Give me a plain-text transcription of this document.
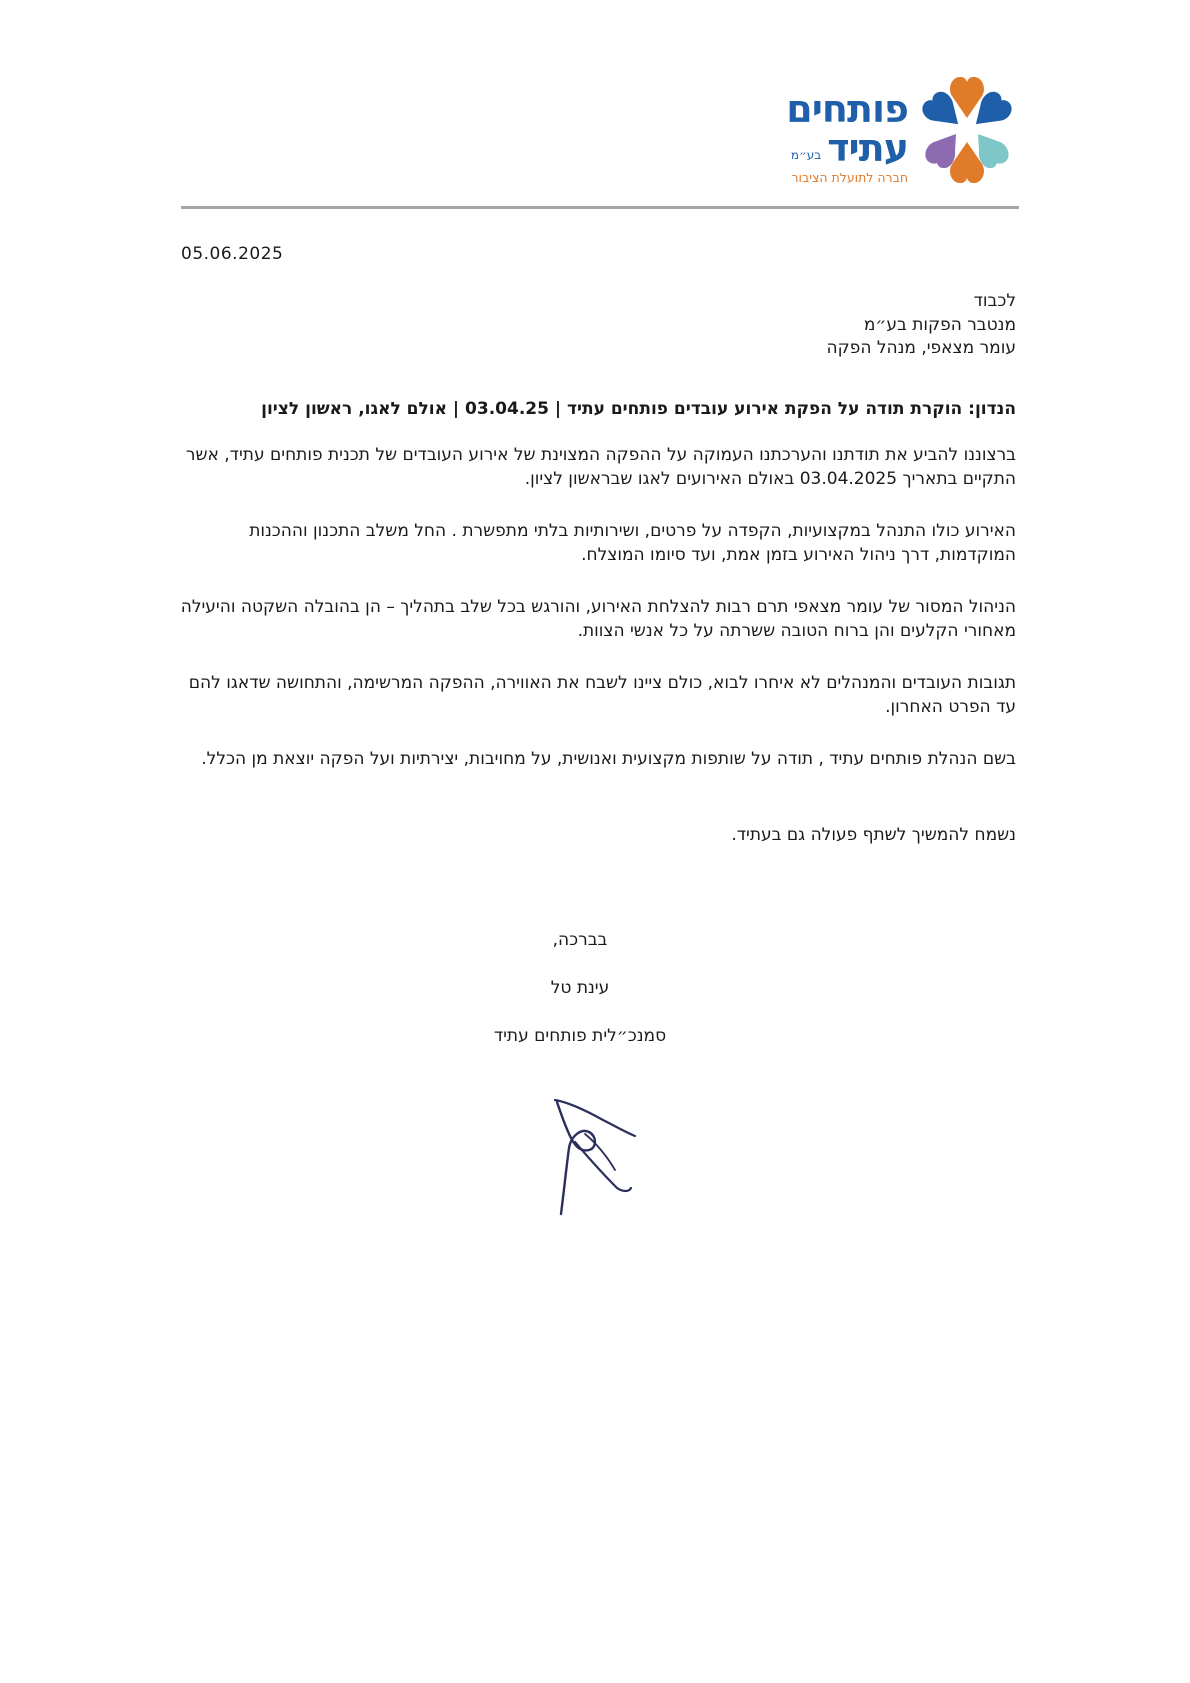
פותחים
עתיד
בע״מ
חברה לתועלת הציבור
05.06.2025

לכבוד

מנטבר הפקות בע״מ

עומר מצאפי, מנהל הפקה

הנדון: הוקרת תודה על הפקת אירוע עובדים פותחים עתיד | 03.04.25 | אולם לאגו, ראשון לציון
ברצוננו להביע את תודתנו והערכתנו העמוקה על ההפקה המצוינת של אירוע העובדים של תכנית פותחים עתיד, אשר התקיים בתאריך 03.04.2025 באולם האירועים לאגו שבראשון לציון.
האירוע כולו התנהל במקצועיות, הקפדה על פרטים, ושירותיות בלתי מתפשרת . החל משלב התכנון וההכנות המוקדמות, דרך ניהול האירוע בזמן אמת, ועד סיומו המוצלח.
הניהול המסור של עומר מצאפי תרם רבות להצלחת האירוע, והורגש בכל שלב בתהליך – הן בהובלה השקטה והיעילה מאחורי הקלעים והן ברוח הטובה ששרתה על כל אנשי הצוות.
תגובות העובדים והמנהלים לא איחרו לבוא, כולם ציינו לשבח את האווירה, ההפקה המרשימה, והתחושה שדאגו להם עד הפרט האחרון.
בשם הנהלת פותחים עתיד , תודה על שותפות מקצועית ואנושית, על מחויבות, יצירתיות ועל הפקה יוצאת מן הכלל.
נשמח להמשיך לשתף פעולה גם בעתיד.
בברכה,
עינת טל
סמנכ״לית פותחים עתיד
